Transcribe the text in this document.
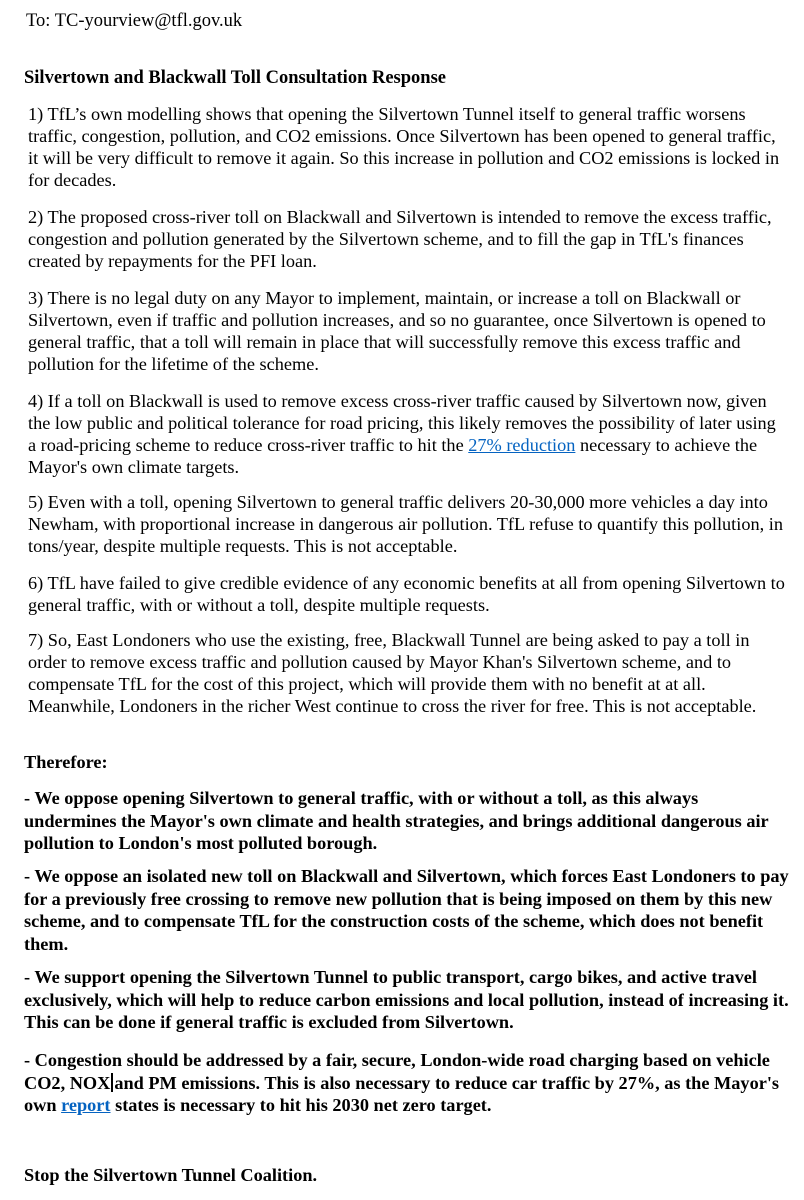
To: TC-yourview@tfl.gov.uk

Silvertown and Blackwall Toll Consultation Response

1) TfL’s own modelling shows that opening the Silvertown Tunnel itself to general traffic worsens traffic, congestion, pollution, and CO2 emissions. Once Silvertown has been opened to general traffic, it will be very difficult to remove it again. So this increase in pollution and CO2 emissions is locked in for decades.

2) The proposed cross-river toll on Blackwall and Silvertown is intended to remove the excess traffic, congestion and pollution generated by the Silvertown scheme, and to fill the gap in TfL's finances created by repayments for the PFI loan.

3) There is no legal duty on any Mayor to implement, maintain, or increase a toll on Blackwall or Silvertown, even if traffic and pollution increases, and so no guarantee, once Silvertown is opened to general traffic, that a toll will remain in place that will successfully remove this excess traffic and pollution for the lifetime of the scheme.

4) If a toll on Blackwall is used to remove excess cross-river traffic caused by Silvertown now, given the low public and political tolerance for road pricing, this likely removes the possibility of later using a road-pricing scheme to reduce cross-river traffic to hit the 27% reduction necessary to achieve the Mayor's own climate targets.

5) Even with a toll, opening Silvertown to general traffic delivers 20-30,000 more vehicles a day into Newham, with proportional increase in dangerous air pollution. TfL refuse to quantify this pollution, in tons/year, despite multiple requests. This is not acceptable.

6) TfL have failed to give credible evidence of any economic benefits at all from opening Silvertown to general traffic, with or without a toll, despite multiple requests.

7) So, East Londoners who use the existing, free, Blackwall Tunnel are being asked to pay a toll in order to remove excess traffic and pollution caused by Mayor Khan's Silvertown scheme, and to compensate TfL for the cost of this project, which will provide them with no benefit at at all. Meanwhile, Londoners in the richer West continue to cross the river for free. This is not acceptable.

Therefore:

- We oppose opening Silvertown to general traffic, with or without a toll, as this always undermines the Mayor's own climate and health strategies, and brings additional dangerous air pollution to London's most polluted borough.

- We oppose an isolated new toll on Blackwall and Silvertown, which forces East Londoners to pay for a previously free crossing to remove new pollution that is being imposed on them by this new scheme, and to compensate TfL for the construction costs of the scheme, which does not benefit them.

- We support opening the Silvertown Tunnel to public transport, cargo bikes, and active travel exclusively, which will help to reduce carbon emissions and local pollution, instead of increasing it. This can be done if general traffic is excluded from Silvertown.

- Congestion should be addressed by a fair, secure, London-wide road charging based on vehicle CO2, NOX and PM emissions. This is also necessary to reduce car traffic by 27%, as the Mayor's own report states is necessary to hit his 2030 net zero target.

Stop the Silvertown Tunnel Coalition.
